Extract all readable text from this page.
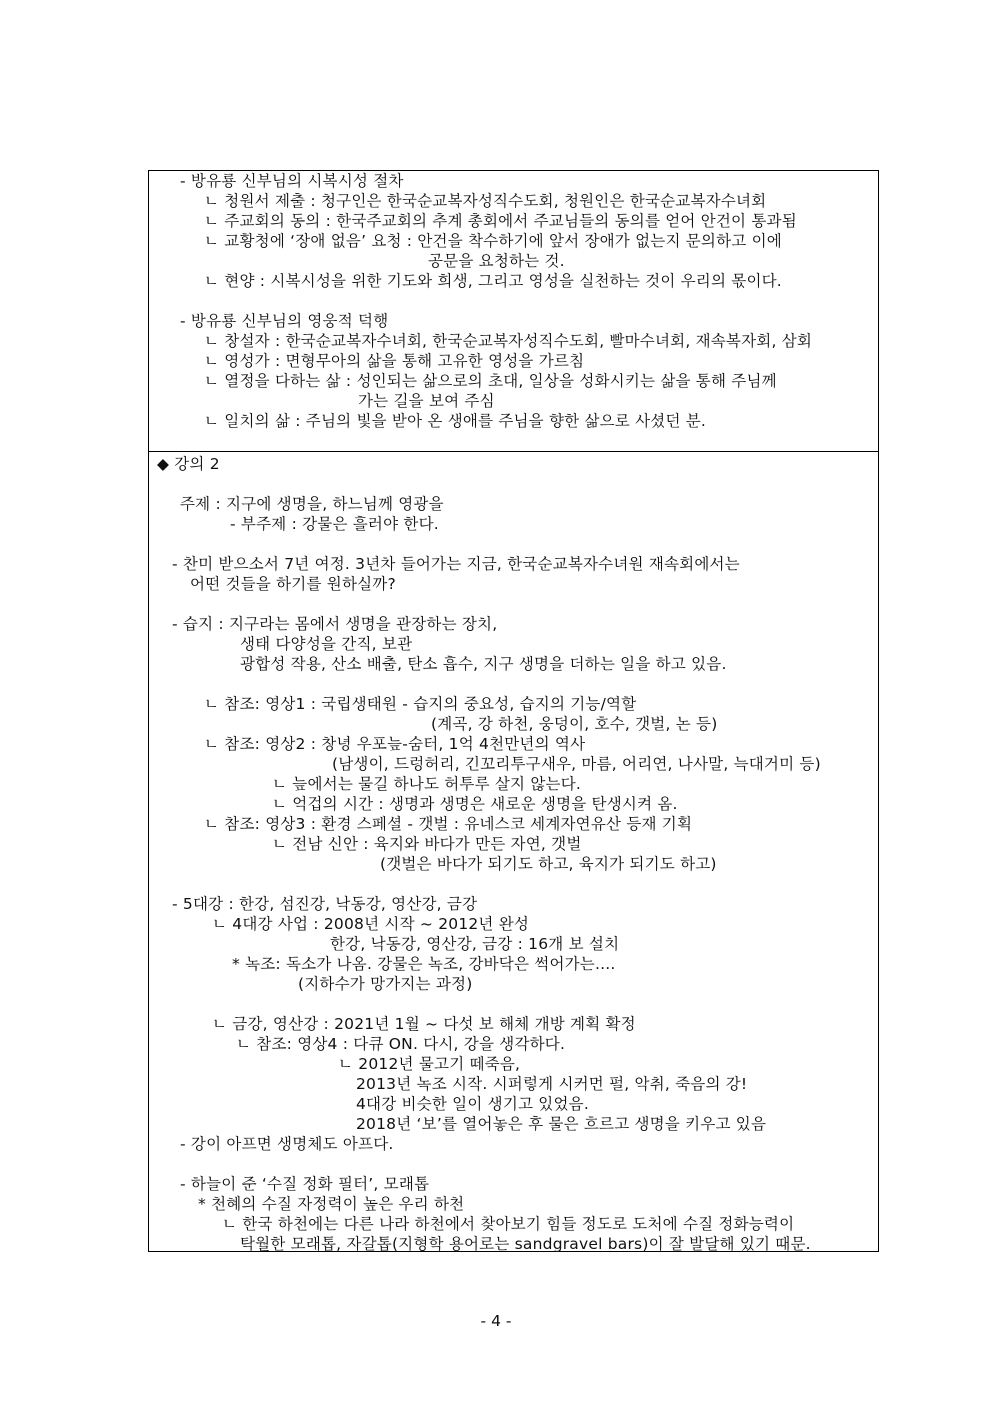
- 방유룡 신부님의 시복시성 절차
ㄴ 청원서 제출 : 청구인은 한국순교복자성직수도회, 청원인은 한국순교복자수녀회
ㄴ 주교회의 동의 : 한국주교회의 추계 총회에서 주교님들의 동의를 얻어 안건이 통과됨
ㄴ 교황청에 ‘장애 없음’ 요청 : 안건을 착수하기에 앞서 장애가 없는지 문의하고 이에
공문을 요청하는 것.
ㄴ 현양 : 시복시성을 위한 기도와 희생, 그리고 영성을 실천하는 것이 우리의 몫이다.
- 방유룡 신부님의 영웅적 덕행
ㄴ 창설자 : 한국순교복자수녀회, 한국순교복자성직수도회, 빨마수녀회, 재속복자회, 삼회
ㄴ 영성가 : 면형무아의 삶을 통해 고유한 영성을 가르침
ㄴ 열정을 다하는 삶 : 성인되는 삶으로의 초대, 일상을 성화시키는 삶을 통해 주님께
가는 길을 보여 주심
ㄴ 일치의 삶 : 주님의 빛을 받아 온 생애를 주님을 향한 삶으로 사셨던 분.
◆ 강의 2
주제 : 지구에 생명을, 하느님께 영광을
- 부주제 : 강물은 흘러야 한다.
- 찬미 받으소서 7년 여정. 3년차 들어가는 지금, 한국순교복자수녀원 재속회에서는
어떤 것들을 하기를 원하실까?
- 습지 : 지구라는 몸에서 생명을 관장하는 장치,
생태 다양성을 간직, 보관
광합성 작용, 산소 배출, 탄소 흡수, 지구 생명을 더하는 일을 하고 있음.
ㄴ 참조: 영상1 : 국립생태원 - 습지의 중요성, 습지의 기능/역할
(계곡, 강 하천, 웅덩이, 호수, 갯벌, 논 등)
ㄴ 참조: 영상2 : 창녕 우포늪-숨터, 1억 4천만년의 역사
(남생이, 드렁허리, 긴꼬리투구새우, 마름, 어리연, 나사말, 늑대거미 등)
ㄴ 늪에서는 물길 하나도 허투루 살지 않는다.
ㄴ 억겁의 시간 : 생명과 생명은 새로운 생명을 탄생시켜 옴.
ㄴ 참조: 영상3 : 환경 스페셜 - 갯벌 : 유네스코 세계자연유산 등재 기획
ㄴ 전남 신안 : 육지와 바다가 만든 자연, 갯벌
(갯벌은 바다가 되기도 하고, 육지가 되기도 하고)
- 5대강 : 한강, 섬진강, 낙동강, 영산강, 금강
ㄴ 4대강 사업 : 2008년 시작 ~ 2012년 완성
한강, 낙동강, 영산강, 금강 : 16개 보 설치
* 녹조: 독소가 나옴. 강물은 녹조, 강바닥은 썩어가는....
(지하수가 망가지는 과정)
ㄴ 금강, 영산강 : 2021년 1월 ~ 다섯 보 해체 개방 계획 확정
ㄴ 참조: 영상4 : 다큐 ON. 다시, 강을 생각하다.
ㄴ 2012년 물고기 떼죽음,
2013년 녹조 시작. 시퍼렇게 시커먼 펄, 악취, 죽음의 강!
4대강 비슷한 일이 생기고 있었음.
2018년 ‘보’를 열어놓은 후 물은 흐르고 생명을 키우고 있음
- 강이 아프면 생명체도 아프다.
- 하늘이 준 ‘수질 정화 필터’, 모래톱
* 천혜의 수질 자정력이 높은 우리 하천
ㄴ 한국 하천에는 다른 나라 하천에서 찾아보기 힘들 정도로 도처에 수질 정화능력이
탁월한 모래톱, 자갈톱(지형학 용어로는 sandgravel bars)이 잘 발달해 있기 때문.
- 4 -
